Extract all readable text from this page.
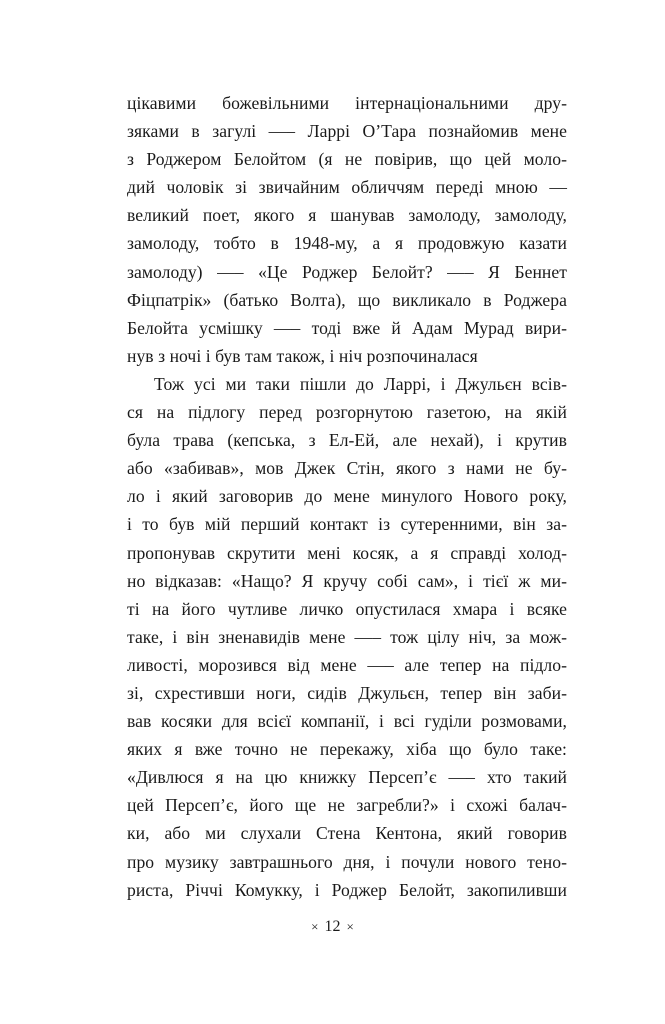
цікавими божевільними інтернаціональними дру-
зяками в загулі —– Ларрі О’Тара познайомив мене
з Роджером Белойтом (я не повірив, що цей моло-
дий чоловік зі звичайним обличчям переді мною —
великий поет, якого я шанував замолоду, замолоду,
замолоду, тобто в 1948-му, а я продовжую казати
замолоду) —– «Це Роджер Белойт? —– Я Беннет
Фіцпатрік» (батько Волта), що викликало в Роджера
Белойта усмішку —– тоді вже й Адам Мурад вири-
нув з ночі і був там також, і ніч розпочиналася
Тож усі ми таки пішли до Ларрі, і Джульєн всів-
ся на підлогу перед розгорнутою газетою, на якій
була трава (кепська, з Ел-Ей, але нехай), і крутив
або «забивав», мов Джек Стін, якого з нами не бу-
ло і який заговорив до мене минулого Нового року,
і то був мій перший контакт із сутеренними, він за-
пропонував скрутити мені косяк, а я справді холод-
но відказав: «Нащо? Я кручу собі сам», і тієї ж ми-
ті на його чутливе личко опустилася хмара і всяке
таке, і він зненавидів мене —– тож цілу ніч, за мож-
ливості, морозився від мене —– але тепер на підло-
зі, схрестивши ноги, сидів Джульєн, тепер він заби-
вав косяки для всієї компанії, і всі гуділи розмовами,
яких я вже точно не перекажу, хіба що було таке:
«Дивлюся я на цю книжку Персеп’є —– хто такий
цей Персеп’є, його ще не загребли?» і схожі балач-
ки, або ми слухали Стена Кентона, який говорив
про музику завтрашнього дня, і почули нового тено-
риста, Річчі Комукку, і Роджер Белойт, закопиливши
× 12 ×
